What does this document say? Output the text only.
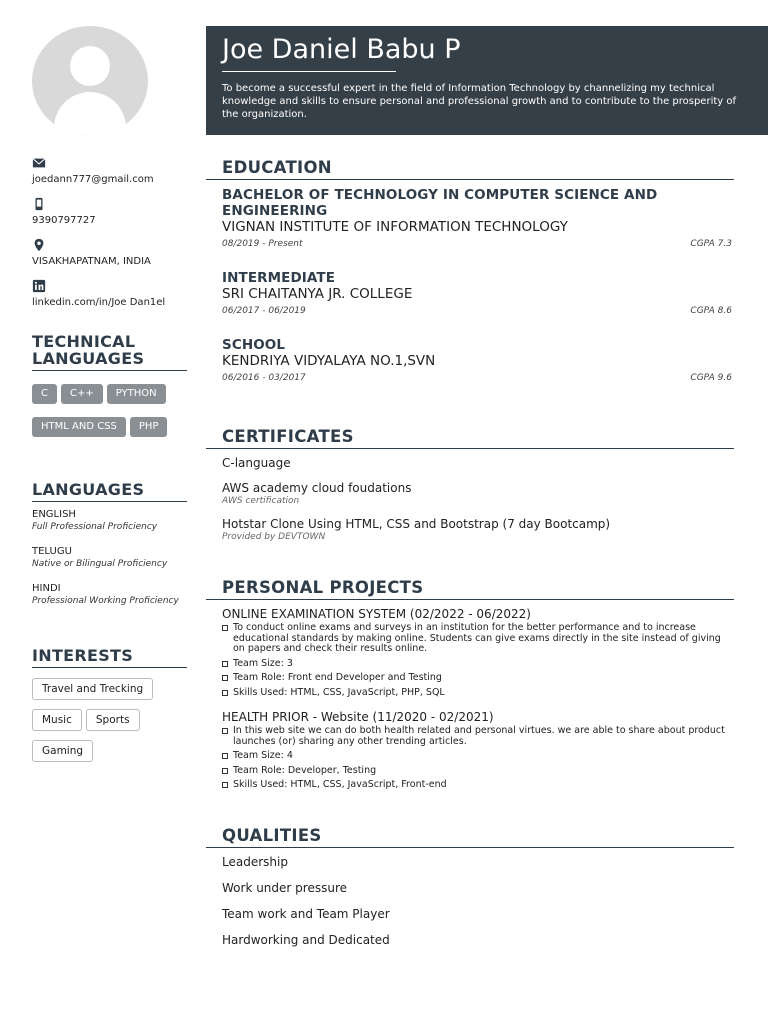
joedann777@gmail.com
9390797727
VISAKHAPATNAM, INDIA
linkedin.com/in/Joe Dan1el
TECHNICAL LANGUAGES
C C++ PYTHONHTML AND CSS PHP
LANGUAGES
ENGLISH
Full Professional Proficiency
TELUGU
Native or Bilingual Proficiency
HINDI
Professional Working Proficiency
INTERESTS
Travel and Trecking
Music Sports
Gaming
Joe Daniel Babu P
To become a successful expert in the field of Information Technology by channelizing my technical knowledge and skills to ensure personal and professional growth and to contribute to the prosperity of the organization.
EDUCATION
BACHELOR OF TECHNOLOGY IN COMPUTER SCIENCE AND ENGINEERING
VIGNAN INSTITUTE OF INFORMATION TECHNOLOGY
08/2019 - Present	CGPA 7.3
INTERMEDIATE
SRI CHAITANYA JR. COLLEGE
06/2017 - 06/2019	CGPA 8.6
SCHOOL
KENDRIYA VIDYALAYA NO.1,SVN
06/2016 - 03/2017	CGPA 9.6
CERTIFICATES
C-language
AWS academy cloud foudations
AWS certification
Hotstar Clone Using HTML, CSS and Bootstrap (7 day Bootcamp)
Provided by DEVTOWN
PERSONAL PROJECTS
ONLINE EXAMINATION SYSTEM (02/2022 - 06/2022)
To conduct online exams and surveys in an institution for the better performance and to increase educational standards by making online. Students can give exams directly in the site instead of giving on papers and check their results online.
Team Size: 3
Team Role: Front end Developer and Testing
Skills Used: HTML, CSS, JavaScript, PHP, SQL
HEALTH PRIOR - Website (11/2020 - 02/2021)
In this web site we can do both health related and personal virtues. we are able to share about product launches (or) sharing any other trending articles.
Team Size: 4
Team Role: Developer, Testing
Skills Used: HTML, CSS, JavaScript, Front-end
QUALITIES
Leadership
Work under pressure
Team work and Team Player
Hardworking and Dedicated
